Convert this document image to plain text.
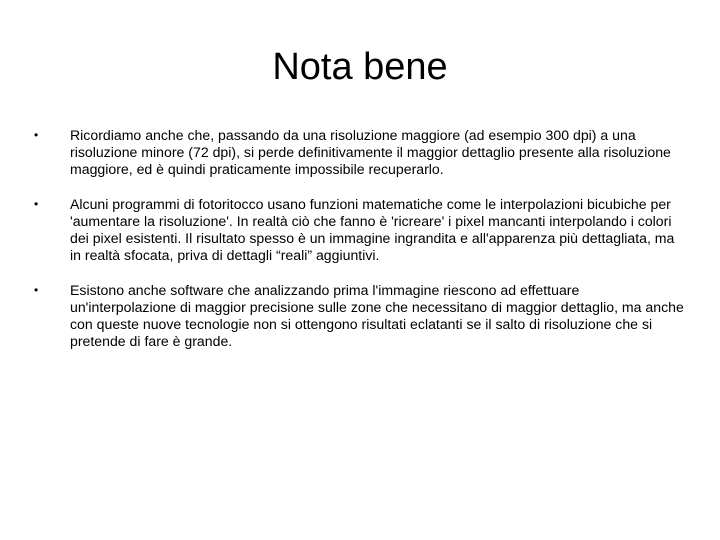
Nota bene
•	Ricordiamo anche che, passando da una risoluzione maggiore (ad esempio 300 dpi) a una risoluzione minore (72 dpi), si perde definitivamente il maggior dettaglio presente alla risoluzione maggiore, ed è quindi praticamente impossibile recuperarlo.

•	Alcuni programmi di fotoritocco usano funzioni matematiche come le interpolazioni bicubiche per 'aumentare la risoluzione'. In realtà ciò che fanno è 'ricreare' i pixel mancanti interpolando i colori dei pixel esistenti. Il risultato spesso è un immagine ingrandita e all'apparenza più dettagliata, ma in realtà sfocata, priva di dettagli “reali” aggiuntivi.

•	Esistono anche software che analizzando prima l'immagine riescono ad effettuare un'interpolazione di maggior precisione sulle zone che necessitano di maggior dettaglio, ma anche con queste nuove tecnologie non si ottengono risultati eclatanti se il salto di risoluzione che si pretende di fare è grande.
